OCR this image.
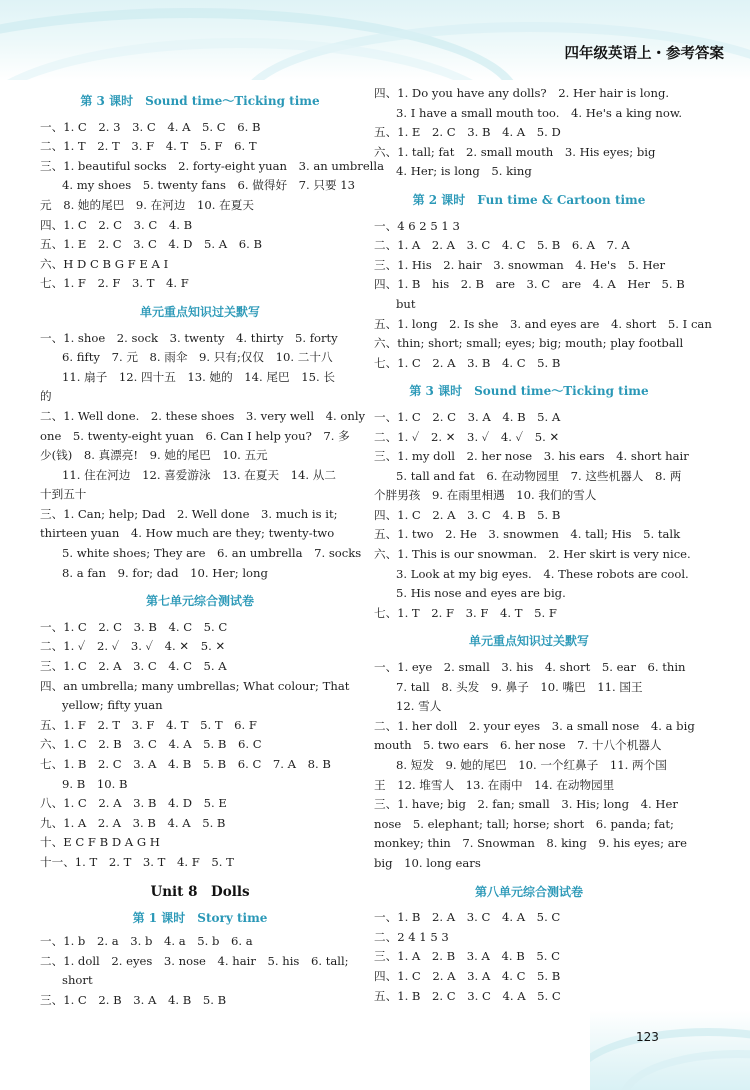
四年级英语上・参考答案
第 3 课时　Sound time～Ticking time
一、1. C　2. 3　3. C　4. A　5. C　6. B
二、1. T　2. T　3. F　4. T　5. F　6. T
三、1. beautiful socks　2. forty-eight yuan　3. an umbrella
4. my shoes　5. twenty fans　6. 做得好　7. 只要 13
元　8. 她的尾巴　9. 在河边　10. 在夏天
四、1. C　2. C　3. C　4. B
五、1. E　2. C　3. C　4. D　5. A　6. B
六、H D C B G F E A I
七、1. F　2. F　3. T　4. F
单元重点知识过关默写
一、1. shoe　2. sock　3. twenty　4. thirty　5. forty
6. fifty　7. 元　8. 雨伞　9. 只有;仅仅　10. 二十八
11. 扇子　12. 四十五　13. 她的　14. 尾巴　15. 长
的
二、1. Well done.　2. these shoes　3. very well　4. only
one　5. twenty-eight yuan　6. Can I help you?　7. 多
少(钱)　8. 真漂亮!　9. 她的尾巴　10. 五元
11. 住在河边　12. 喜爱游泳　13. 在夏天　14. 从二
十到五十
三、1. Can; help; Dad　2. Well done　3. much is it;
thirteen yuan　4. How much are they; twenty-two
5. white shoes; They are　6. an umbrella　7. socks
8. a fan　9. for; dad　10. Her; long
第七单元综合测试卷
一、1. C　2. C　3. B　4. C　5. C
二、1. ✓　2. ✓　3. ✓　4. ✕　5. ✕
三、1. C　2. A　3. C　4. C　5. A
四、an umbrella; many umbrellas; What colour; That
yellow; fifty yuan
五、1. F　2. T　3. F　4. T　5. T　6. F
六、1. C　2. B　3. C　4. A　5. B　6. C
七、1. B　2. C　3. A　4. B　5. B　6. C　7. A　8. B
9. B　10. B
八、1. C　2. A　3. B　4. D　5. E
九、1. A　2. A　3. B　4. A　5. B
十、E C F B D A G H
十一、1. T　2. T　3. T　4. F　5. T
Unit 8　Dolls
第 1 课时　Story time
一、1. b　2. a　3. b　4. a　5. b　6. a
二、1. doll　2. eyes　3. nose　4. hair　5. his　6. tall;
short
三、1. C　2. B　3. A　4. B　5. B
四、1. Do you have any dolls?　2. Her hair is long.
3. I have a small mouth too.　4. He's a king now.
五、1. E　2. C　3. B　4. A　5. D
六、1. tall; fat　2. small mouth　3. His eyes; big
4. Her; is long　5. king
第 2 课时　Fun time & Cartoon time
一、4 6 2 5 1 3
二、1. A　2. A　3. C　4. C　5. B　6. A　7. A
三、1. His　2. hair　3. snowman　4. He's　5. Her
四、1. B　his　2. B　are　3. C　are　4. A　Her　5. B
but
五、1. long　2. Is she　3. and eyes are　4. short　5. I can
六、thin; short; small; eyes; big; mouth; play football
七、1. C　2. A　3. B　4. C　5. B
第 3 课时　Sound time～Ticking time
一、1. C　2. C　3. A　4. B　5. A
二、1. ✓　2. ✕　3. ✓　4. ✓　5. ✕
三、1. my doll　2. her nose　3. his ears　4. short hair
5. tall and fat　6. 在动物园里　7. 这些机器人　8. 两
个胖男孩　9. 在雨里相遇　10. 我们的雪人
四、1. C　2. A　3. C　4. B　5. B
五、1. two　2. He　3. snowmen　4. tall; His　5. talk
六、1. This is our snowman.　2. Her skirt is very nice.
3. Look at my big eyes.　4. These robots are cool.
5. His nose and eyes are big.
七、1. T　2. F　3. F　4. T　5. F
单元重点知识过关默写
一、1. eye　2. small　3. his　4. short　5. ear　6. thin
7. tall　8. 头发　9. 鼻子　10. 嘴巴　11. 国王
12. 雪人
二、1. her doll　2. your eyes　3. a small nose　4. a big
mouth　5. two ears　6. her nose　7. 十八个机器人
8. 短发　9. 她的尾巴　10. 一个红鼻子　11. 两个国
王　12. 堆雪人　13. 在雨中　14. 在动物园里
三、1. have; big　2. fan; small　3. His; long　4. Her
nose　5. elephant; tall; horse; short　6. panda; fat;
monkey; thin　7. Snowman　8. king　9. his eyes; are
big　10. long ears
第八单元综合测试卷
一、1. B　2. A　3. C　4. A　5. C
二、2 4 1 5 3
三、1. A　2. B　3. A　4. B　5. C
四、1. C　2. A　3. A　4. C　5. B
五、1. B　2. C　3. C　4. A　5. C
123
